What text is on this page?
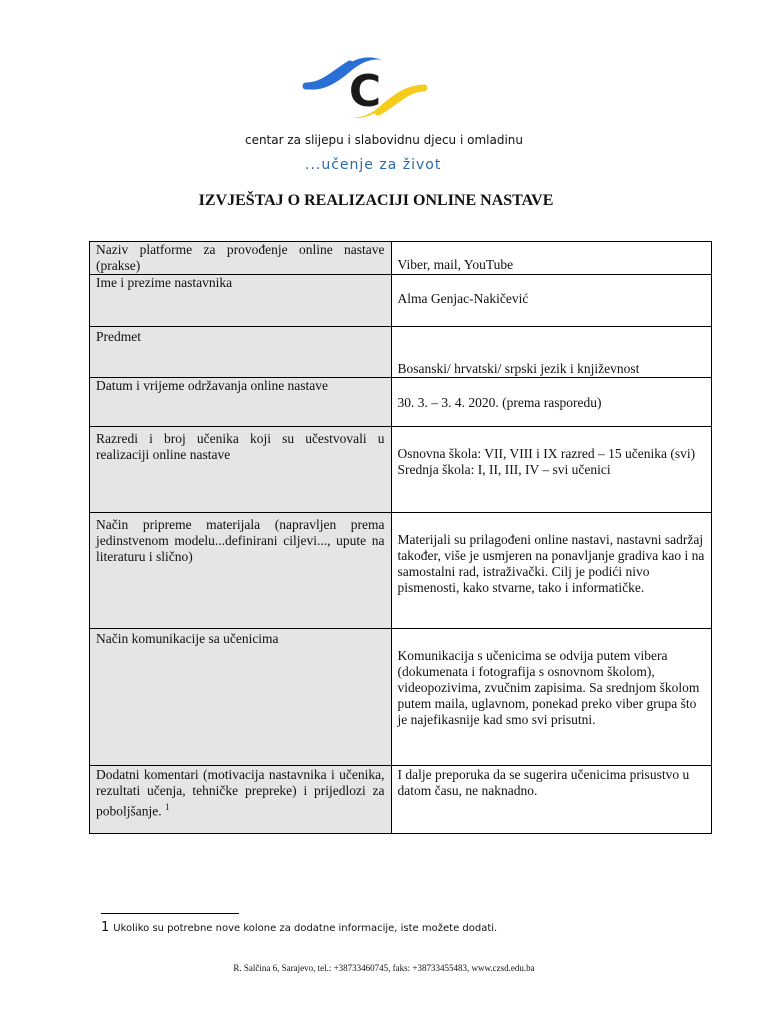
C
centar za slijepu i slabovidnu djecu i omladinu
...učenje za život
IZVJEŠTAJ O REALIZACIJI ONLINE NASTAVE
Naziv platforme za provođenje online nastave (prakse)	Viber, mail, YouTube
Ime i prezime nastavnika	Alma Genjac-Nakičević

Predmet	Bosanski/ hrvatski/ srpski jezik i književnost
Datum i vrijeme održavanja online nastave	30. 3. – 3. 4. 2020. (prema rasporedu)

Razredi i broj učenika koji su učestvovali u realizaciji online nastave	Osnovna škola: VII, VIII i IX razred – 15 učenika (svi)
Srednja škola: I, II, III, IV – svi učenici

Način pripreme materijala (napravljen prema jedinstvenom modelu...definirani ciljevi..., upute na literaturu i slično)	Materijali su prilagođeni online nastavi, nastavni sadržaj također, više je usmjeren na ponavljanje gradiva kao i na samostalni rad, istraživački. Cilj je podići nivo pismenosti, kako stvarne, tako i informatičke.

Način komunikacije sa učenicima	Komunikacija s učenicima se odvija putem vibera (dokumenata i fotografija s osnovnom školom), videopozivima, zvučnim zapisima. Sa srednjom školom putem maila, uglavnom, ponekad preko viber grupa što je najefikasnije kad smo svi prisutni.

Dodatni komentari (motivacija nastavnika i učenika, rezultati učenja, tehničke prepreke) i prijedlozi za poboljšanje. $^1$	I dalje preporuka da se sugerira učenicima prisustvo u datom času, ne naknadno.
1 Ukoliko su potrebne nove kolone za dodatne informacije, iste možete dodati.
R. Salčina 6, Sarajevo, tel.: +38733460745, faks: +38733455483, www.czsd.edu.ba
